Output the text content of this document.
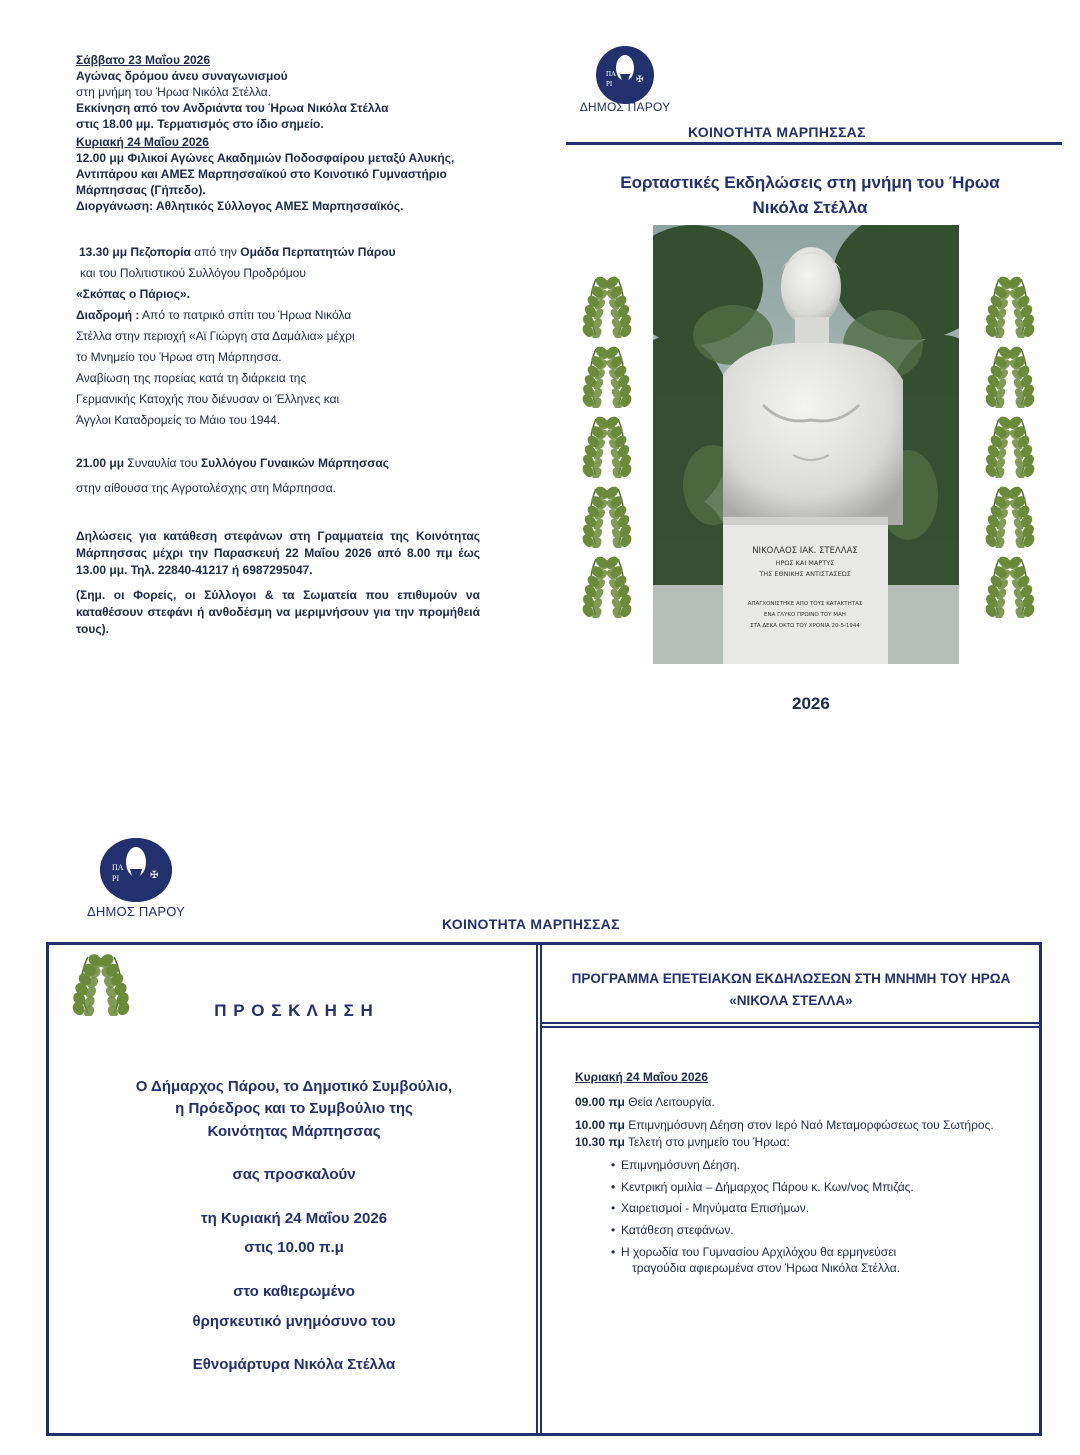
Σάββατο 23 Μαΐου 2026

Αγώνας δρόμου άνευ συναγωνισμού

στη μνήμη του Ήρωα Νικόλα Στέλλα.

Εκκίνηση από τον Ανδριάντα του Ήρωα Νικόλα Στέλλα

στις 18.00 μμ. Τερματισμός στο ίδιο σημείο.

Κυριακή 24 Μαΐου 2026

12.00 μμ Φιλικοί Αγώνες Ακαδημιών Ποδοσφαίρου μεταξύ Αλυκής,

Αντιπάρου και ΑΜΕΣ Μαρπησσαϊκού στο Κοινοτικό Γυμναστήριο

Μάρπησσας (Γήπεδο).

Διοργάνωση: Αθλητικός Σύλλογος ΑΜΕΣ Μαρπησσαϊκός.

13.30 μμ Πεζοπορία από την Ομάδα Περπατητών Πάρου

και του Πολιτιστικού Συλλόγου Προδρόμου

«Σκόπας ο Πάριος».

Διαδρομή : Από το πατρικό σπίτι του Ήρωα Νικόλα

Στέλλα στην περιοχή «Αϊ Γιώργη στα Δαμάλια» μέχρι

το Μνημείο του Ήρωα στη Μάρπησσα.

Αναβίωση της πορείας κατά τη διάρκεια της

Γερμανικής Κατοχής που διένυσαν οι Έλληνες και

Άγγλοι Καταδρομείς το Μάιο του 1944.

21.00 μμ Συναυλία του Συλλόγου Γυναικών Μάρπησσας

στην αίθουσα της Αγροτολέσχης στη Μάρπησσα.

Δηλώσεις για κατάθεση στεφάνων στη Γραμματεία της Κοινότητας Μάρπησσας μέχρι την Παρασκευή 22 Μαΐου 2026 από 8.00 πμ έως 13.00 μμ. Τηλ. 22840-41217 ή 6987295047.

(Σημ. οι Φορείς, οι Σύλλογοι & τα Σωματεία που επιθυμούν να καταθέσουν στεφάνι ή ανθοδέσμη να μεριμνήσουν για την προμήθειά τους).

ΠΑ
ΡΙ	✠
ΔΗΜΟΣ ΠΑΡΟΥ
ΚΟΙΝΟΤΗΤΑ ΜΑΡΠΗΣΣΑΣ
Εορταστικές Εκδηλώσεις στη μνήμη του Ήρωα
Νικόλα Στέλλα
ΝΙΚΟΛΑΟΣ ΙΑΚ. ΣΤΕΛΛΑΣ
ΗΡΩΣ ΚΑΙ ΜΑΡΤΥΣ
ΤΗΣ ΕΘΝΙΚΗΣ ΑΝΤΙΣΤΑΣΕΩΣ
ΑΠΑΓΧΟΝΙΣΤΗΚΕ ΑΠΟ ΤΟΥΣ ΚΑΤΑΚΤΗΤΑΣ
ΕΝΑ ΓΛΥΚΟ ΠΡΩΙΝΟ ΤΟΥ ΜΑΗ
ΣΤΑ ΔΕΚΑ ΟΚΤΩ ΤΟΥ ΧΡΟΝΙΑ 20-5-1944
2026
ΠΑ
ΡΙ	✠
ΔΗΜΟΣ ΠΑΡΟΥ
ΚΟΙΝΟΤΗΤΑ ΜΑΡΠΗΣΣΑΣ
Π Ρ Ο Σ Κ Λ Η Σ Η
Ο Δήμαρχος Πάρου, το Δημοτικό Συμβούλιο,
η Πρόεδρος και το Συμβούλιο της
Κοινότητας Μάρπησσας
σας προσκαλούν
τη Κυριακή 24 Μαΐου 2026
στις 10.00 π.μ
στο καθιερωμένο
θρησκευτικό μνημόσυνο του
Εθνομάρτυρα Νικόλα Στέλλα
ΠΡΟΓΡΑΜΜΑ ΕΠΕΤΕΙΑΚΩΝ ΕΚΔΗΛΩΣΕΩΝ ΣΤΗ ΜΝΗΜΗ ΤΟΥ ΗΡΩΑ
«ΝΙΚΟΛΑ ΣΤΕΛΛΑ»
Κυριακή 24 Μαΐου 2026
09.00 πμ Θεία Λειτουργία.
10.00 πμ Επιμνημόσυνη Δέηση στον Ιερό Ναό Μεταμορφώσεως του Σωτήρος.
10.30 πμ Τελετή στο μνημείο του Ήρωα:
• Επιμνημόσυνη Δέηση.
• Κεντρική ομιλία – Δήμαρχος Πάρου κ. Κων/νος Μπιζάς.
• Χαιρετισμοί - Μηνύματα Επισήμων.
• Κατάθεση στεφάνων.
• Η χορωδία του Γυμνασίου Αρχιλόχου θα ερμηνεύσει
τραγούδια αφιερωμένα στον Ήρωα Νικόλα Στέλλα.
